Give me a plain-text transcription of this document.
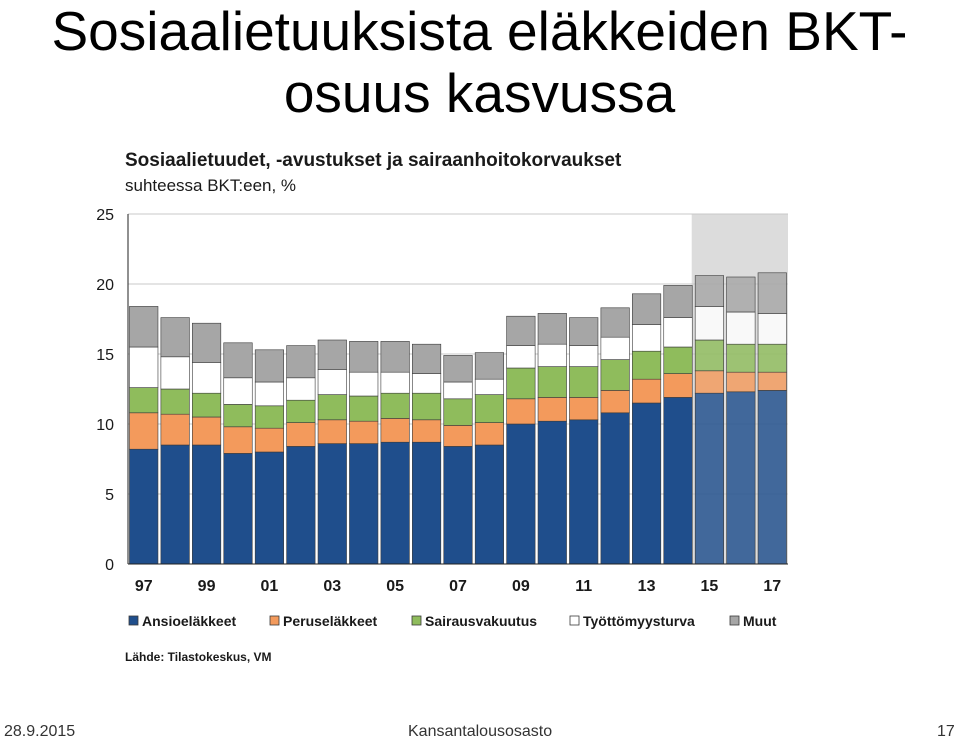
Sosiaalietuuksista eläkkeiden BKT-
osuus kasvussa
Sosiaalietuudet, -avustukset ja sairaanhoitokorvaukset
suhteessa BKT:een, %
0
5
10
15
20
25
97	99	01	03	05	07	09	11	13	15	17
Ansioeläkkeet	Peruseläkkeet	Sairausvakuutus	Työttömyysturva	Muut
Lähde: Tilastokeskus, VM
28.9.2015	Kansantalousosasto	17
